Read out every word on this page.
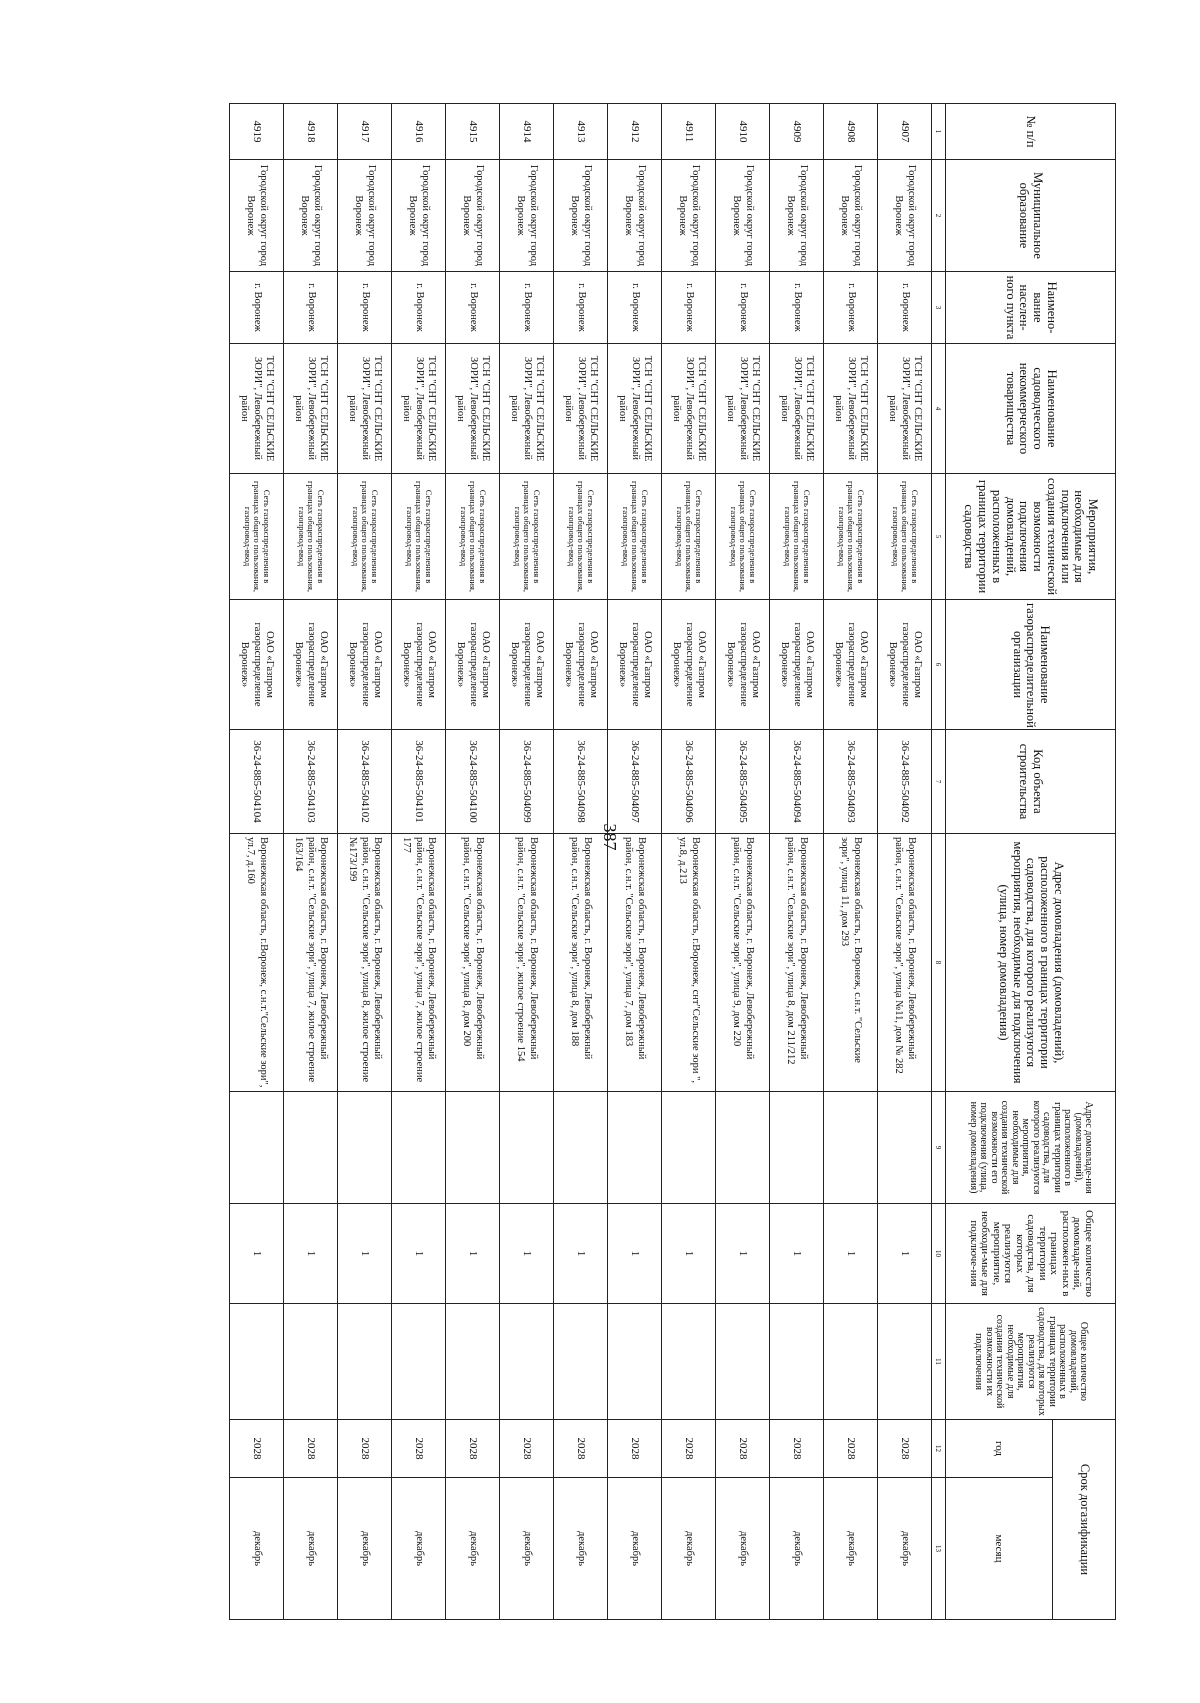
387
№ п/п	Муниципальное образование	Наимено-вание населен-ного пункта	Наименование садоводческого некоммерческого товарищества	Мероприятия, необходимые для подключения или создания технической возможности подключения домовладений, расположенных в границах территории садоводства	Наименование газораспределительной организации	Код объекта строительства	Адрес домовладения (домовладений), расположенного в границах территории садоводства, для которого реализуются мероприятия, необходимые для подключения (улица, номер домовладения)	Адрес домовладе-ния (домовладений), расположенного в границах территории садоводства, для которого реализуются мероприятия, необходимые для создания технической возможности его подключения (улица, номер домовладения)	Общее количество домовладе-ний, расположен-ных в границах территории садоводства, для которых реализуются мероприятие, необходи-мые для подключе-ния	Общее количество домовладений, расположенных в границах территории садоводства, для которых реализуются мероприятия, необходимые для создания технической возможности их подключения	Срок догазификации	
											год	месяц
1	2	3	4	5	6	7	8	9	10	11	12	13
4907	Городской округ город Воронеж	г. Воронеж	ТСН "СНТ СЕЛЬСКИЕ ЗОРИ", Левобережный район	Сеть газораспределения в границах общего пользования, газопровод-ввод	ОАО «Газпром газораспределение Воронеж»	36-24-885-504092	Воронежская область, г. Воронеж, Левобережный район, с.н.т. "Сельские зори", улица №11, дом № 282		1		2028	декабрь
4908	Городской округ город Воронеж	г. Воронеж	ТСН "СНТ СЕЛЬСКИЕ ЗОРИ", Левобережный район	Сеть газораспределения в границах общего пользования, газопровод-ввод	ОАО «Газпром газораспределение Воронеж»	36-24-885-504093	Воронежская область, г. Воронеж, с.н.т. "Сельские зори", улица 11, дом 293		1		2028	декабрь
4909	Городской округ город Воронеж	г. Воронеж	ТСН "СНТ СЕЛЬСКИЕ ЗОРИ", Левобережный район	Сеть газораспределения в границах общего пользования, газопровод-ввод	ОАО «Газпром газораспределение Воронеж»	36-24-885-504094	Воронежская область, г. Воронеж, Левобережный район, с.н.т. "Сельские зори", улица 8, дом 211/212		1		2028	декабрь
4910	Городской округ город Воронеж	г. Воронеж	ТСН "СНТ СЕЛЬСКИЕ ЗОРИ", Левобережный район	Сеть газораспределения в границах общего пользования, газопровод-ввод	ОАО «Газпром газораспределение Воронеж»	36-24-885-504095	Воронежская область, г. Воронеж, Левобережный район, с.н.т. "Сельские зори", улица 9, дом 220		1		2028	декабрь
4911	Городской округ город Воронеж	г. Воронеж	ТСН "СНТ СЕЛЬСКИЕ ЗОРИ", Левобережный район	Сеть газораспределения в границах общего пользования, газопровод-ввод	ОАО «Газпром газораспределение Воронеж»	36-24-885-504096	Воронежская область, г.Воронеж, снт"Сельские зори ", ул.8, д.213		1		2028	декабрь
4912	Городской округ город Воронеж	г. Воронеж	ТСН "СНТ СЕЛЬСКИЕ ЗОРИ", Левобережный район	Сеть газораспределения в границах общего пользования, газопровод-ввод	ОАО «Газпром газораспределение Воронеж»	36-24-885-504097	Воронежская область, г. Воронеж, Левобережный район, с.н.т. "Сельские зори", улица 7, дом 183		1		2028	декабрь
4913	Городской округ город Воронеж	г. Воронеж	ТСН "СНТ СЕЛЬСКИЕ ЗОРИ", Левобережный район	Сеть газораспределения в границах общего пользования, газопровод-ввод	ОАО «Газпром газораспределение Воронеж»	36-24-885-504098	Воронежская область, г. Воронеж, Левобережный район, с.н.т. "Сельские зори", улица 8, дом 188		1		2028	декабрь
4914	Городской округ город Воронеж	г. Воронеж	ТСН "СНТ СЕЛЬСКИЕ ЗОРИ", Левобережный район	Сеть газораспределения в границах общего пользования, газопровод-ввод	ОАО «Газпром газораспределение Воронеж»	36-24-885-504099	Воронежская область, г. Воронеж, Левобережный район, с.н.т. "Сельские зори", жилое строение 154		1		2028	декабрь
4915	Городской округ город Воронеж	г. Воронеж	ТСН "СНТ СЕЛЬСКИЕ ЗОРИ", Левобережный район	Сеть газораспределения в границах общего пользования, газопровод-ввод	ОАО «Газпром газораспределение Воронеж»	36-24-885-504100	Воронежская область, г. Воронеж, Левобережный район, с.н.т. "Сельские зори", улица 8, дом 200		1		2028	декабрь
4916	Городской округ город Воронеж	г. Воронеж	ТСН "СНТ СЕЛЬСКИЕ ЗОРИ", Левобережный район	Сеть газораспределения в границах общего пользования, газопровод-ввод	ОАО «Газпром газораспределение Воронеж»	36-24-885-504101	Воронежская область, г. Воронеж, Левобережный район, с.н.т. "Сельские зори", улица 7, жилое строение 177		1		2028	декабрь
4917	Городской округ город Воронеж	г. Воронеж	ТСН "СНТ СЕЛЬСКИЕ ЗОРИ", Левобережный район	Сеть газораспределения в границах общего пользования, газопровод-ввод	ОАО «Газпром газораспределение Воронеж»	36-24-885-504102	Воронежская область, г. Воронеж, Левобережный район, с.н.т. "Сельские зори", улица 8, жилое строение №173/199		1		2028	декабрь
4918	Городской округ город Воронеж	г. Воронеж	ТСН "СНТ СЕЛЬСКИЕ ЗОРИ", Левобережный район	Сеть газораспределения в границах общего пользования, газопровод-ввод	ОАО «Газпром газораспределение Воронеж»	36-24-885-504103	Воронежская область, г. Воронеж, Левобережный район, с.н.т. "Сельские зори", улица 7, жилое строение 163/164		1		2028	декабрь
4919	Городской округ город Воронеж	г. Воронеж	ТСН "СНТ СЕЛЬСКИЕ ЗОРИ", Левобережный район	Сеть газораспределения в границах общего пользования, газопровод-ввод	ОАО «Газпром газораспределение Воронеж»	36-24-885-504104	Воронежская область, г.Воронеж, с.н.т."Сельские зори", ул.7, д.160		1		2028	декабрь
